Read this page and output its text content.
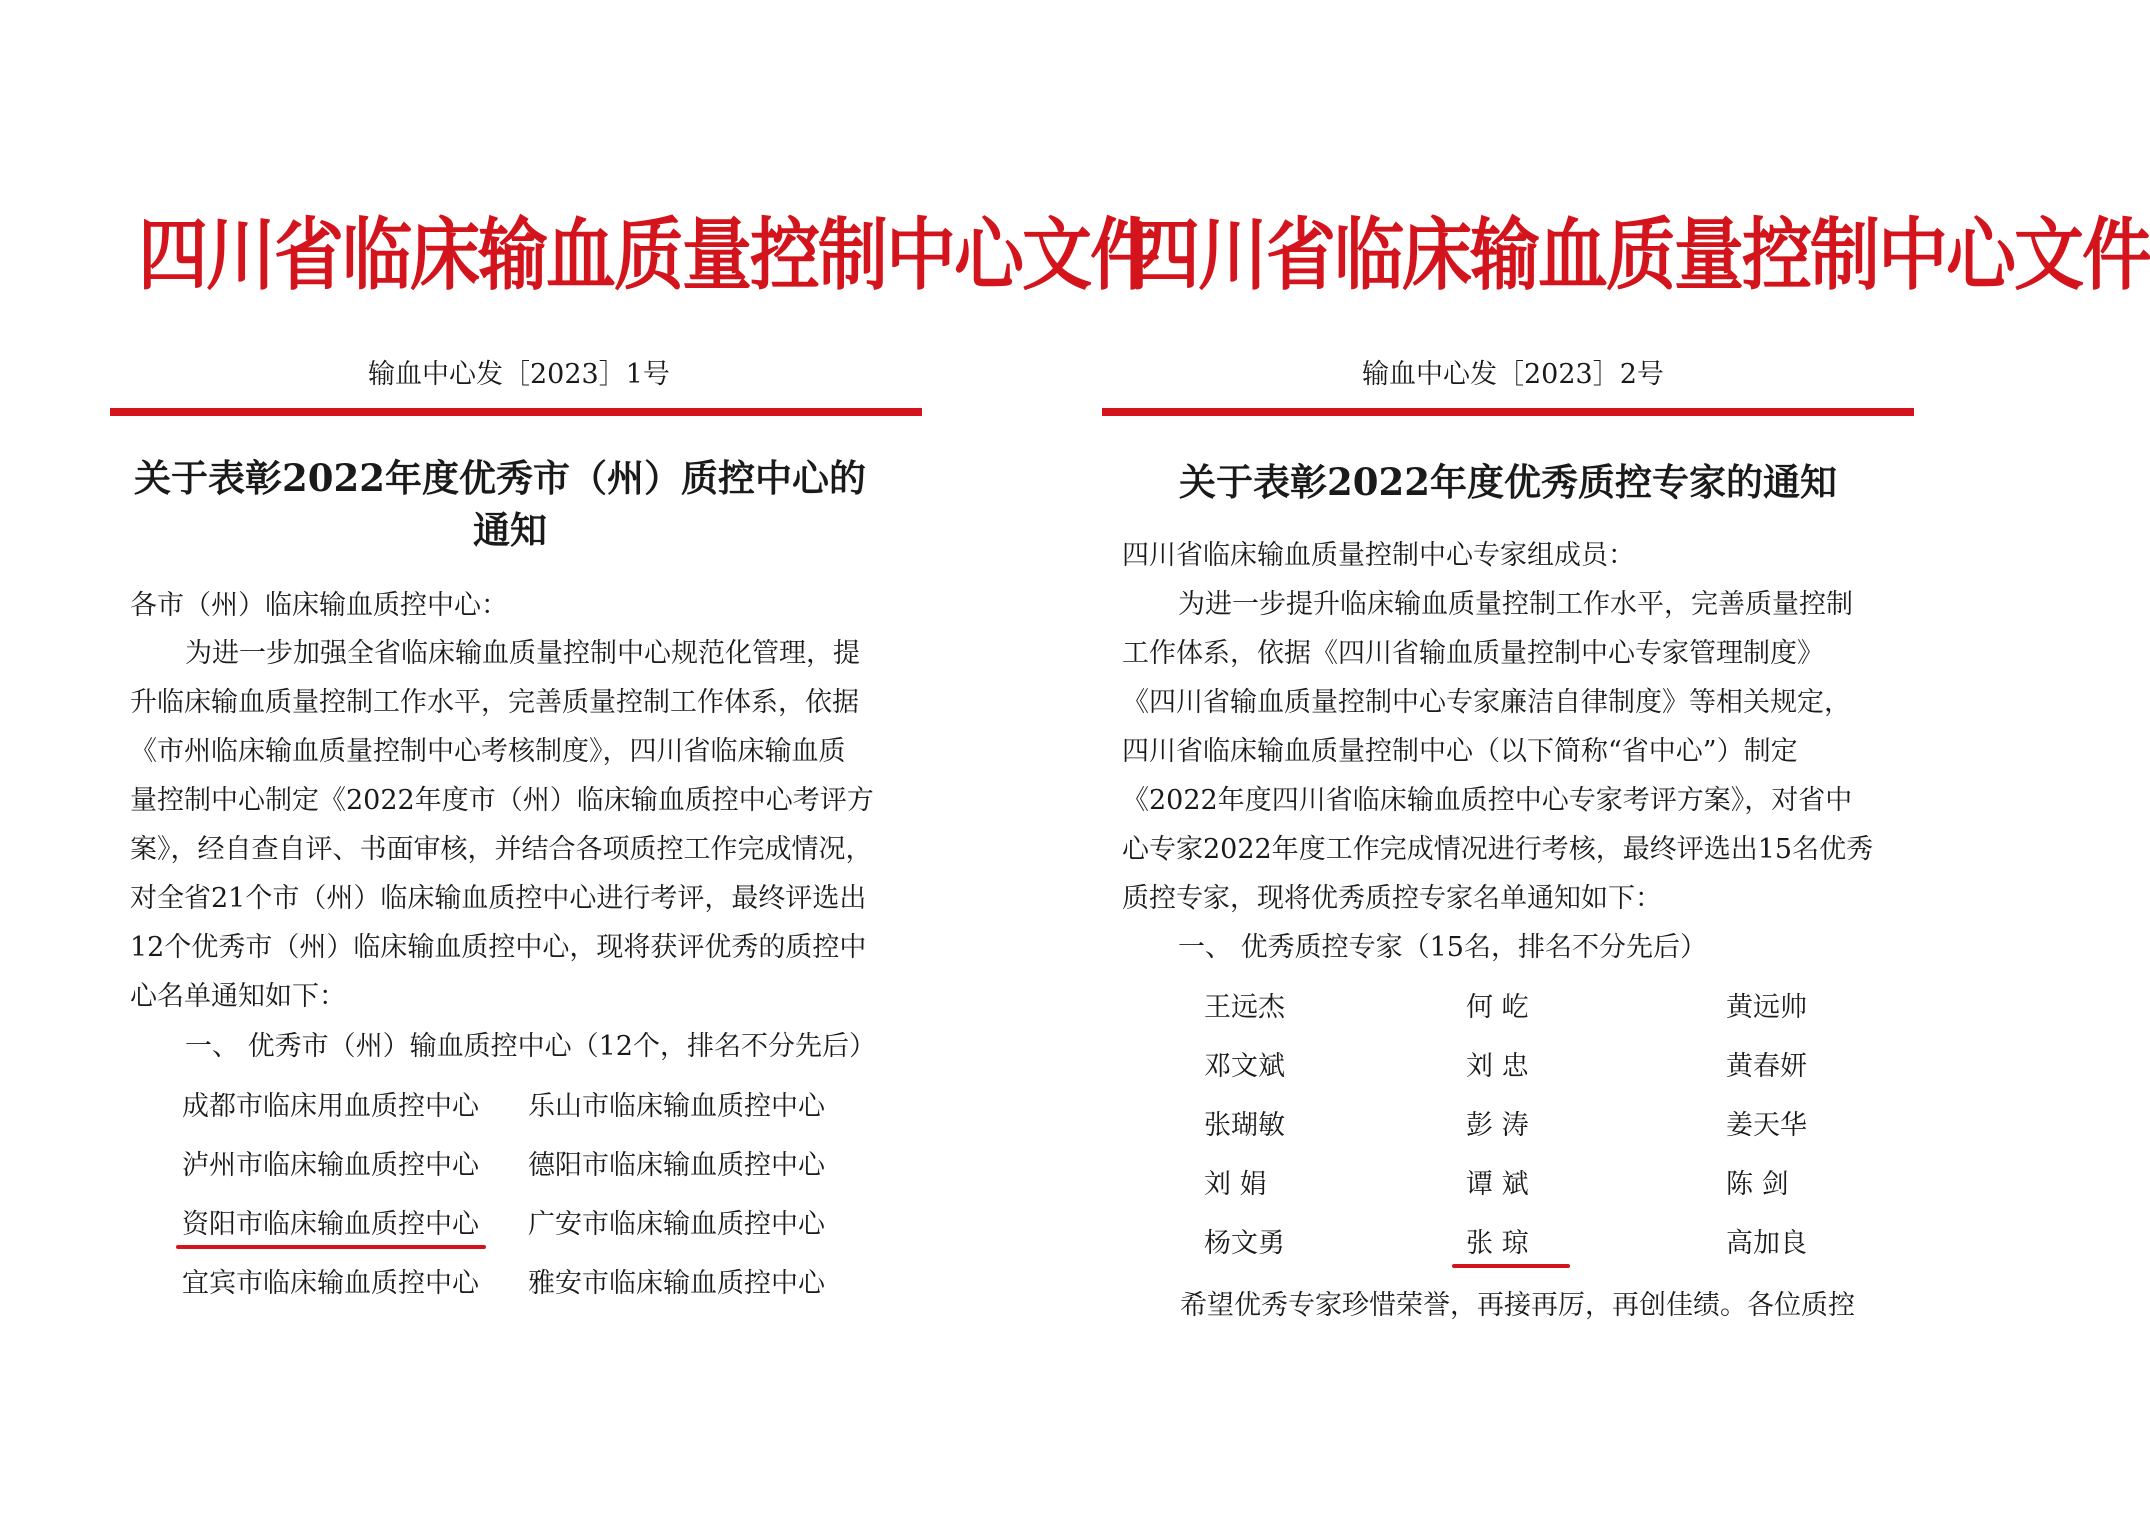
四川省临床输血质量控制中心文件
输血中心发［2023］1号
关于表彰2022年度优秀市（州）质控中心的
通知
各市（州）临床输血质控中心：
为进一步加强全省临床输血质量控制中心规范化管理，提
升临床输血质量控制工作水平，完善质量控制工作体系，依据
《市州临床输血质量控制中心考核制度》，四川省临床输血质
量控制中心制定《2022年度市（州）临床输血质控中心考评方
案》，经自查自评、书面审核，并结合各项质控工作完成情况，
对全省21个市（州）临床输血质控中心进行考评，最终评选出
12个优秀市（州）临床输血质控中心，现将获评优秀的质控中
心名单通知如下：
一、 优秀市（州）输血质控中心（12个，排名不分先后）
成都市临床用血质控中心 乐山市临床输血质控中心
泸州市临床输血质控中心 德阳市临床输血质控中心
资阳市临床输血质控中心 广安市临床输血质控中心
宜宾市临床输血质控中心 雅安市临床输血质控中心
四川省临床输血质量控制中心文件
输血中心发［2023］2号
关于表彰2022年度优秀质控专家的通知
四川省临床输血质量控制中心专家组成员：
为进一步提升临床输血质量控制工作水平，完善质量控制
工作体系，依据《四川省输血质量控制中心专家管理制度》
《四川省输血质量控制中心专家廉洁自律制度》等相关规定，
四川省临床输血质量控制中心（以下简称“省中心”）制定
《2022年度四川省临床输血质控中心专家考评方案》，对省中
心专家2022年度工作完成情况进行考核，最终评选出15名优秀
质控专家，现将优秀质控专家名单通知如下：
一、 优秀质控专家（15名，排名不分先后）
王远杰	何 屹	黄远帅
邓文斌	刘 忠	黄春妍
张瑚敏	彭 涛	姜天华
刘 娟	谭 斌	陈 剑
杨文勇	张 琼	高加良
希望优秀专家珍惜荣誉，再接再厉，再创佳绩。各位质控
